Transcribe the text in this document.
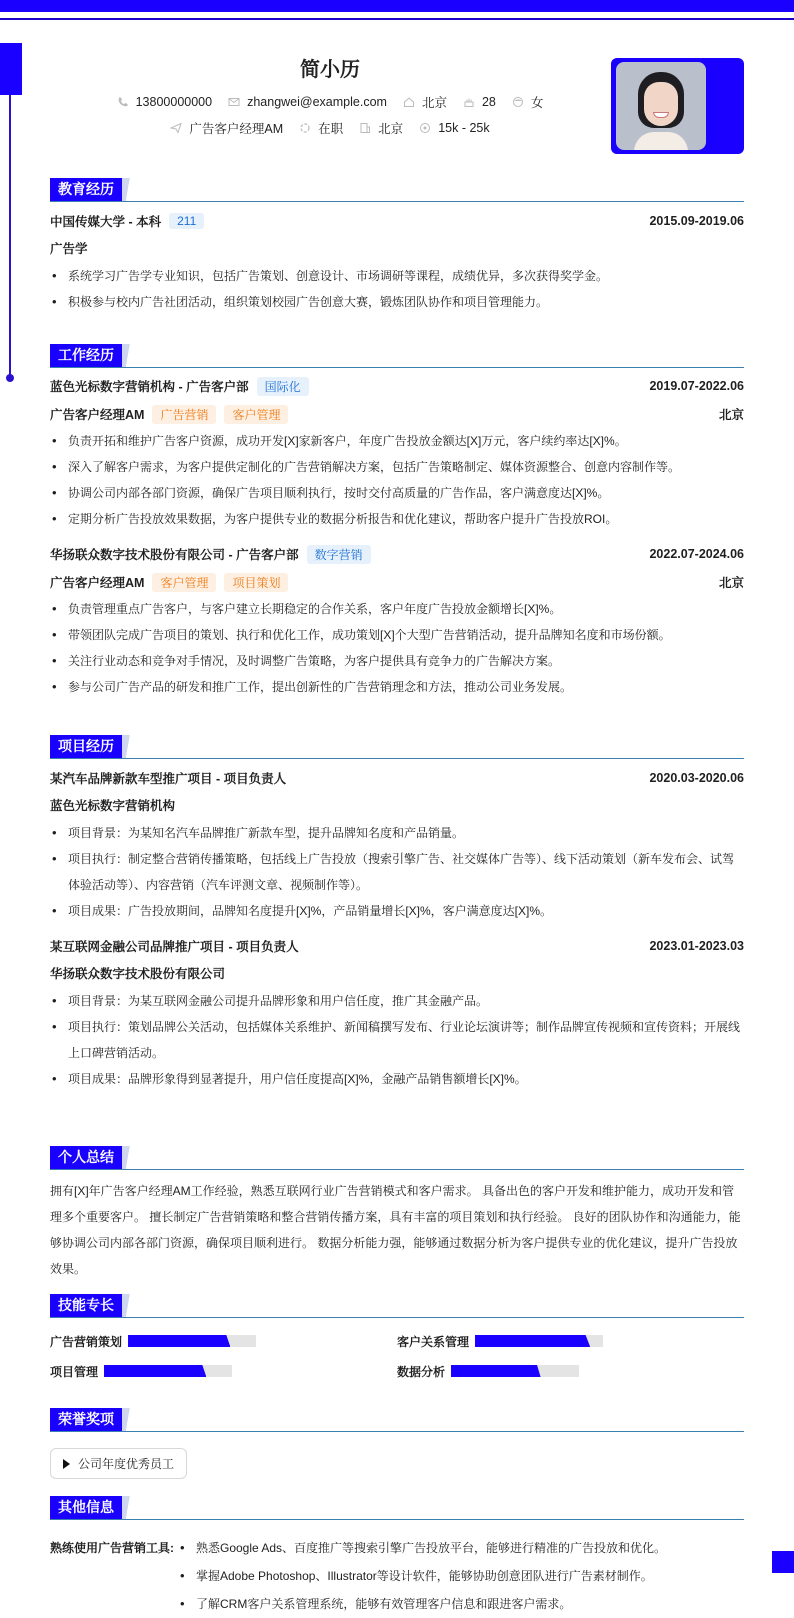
简小历
13800000000	zhangwei@example.com	北京	28	女
广告客户经理AM	在职	北京	15k - 25k
教育经历
中国传媒大学 - 本科	211	2015.09-2019.06
广告学
• 系统学习广告学专业知识，包括广告策划、创意设计、市场调研等课程，成绩优异，多次获得奖学金。
• 积极参与校内广告社团活动，组织策划校园广告创意大赛，锻炼团队协作和项目管理能力。
工作经历
蓝色光标数字营销机构 - 广告客户部	国际化	2019.07-2022.06
广告客户经理AM	广告营销	客户管理	北京
• 负责开拓和维护广告客户资源，成功开发[X]家新客户，年度广告投放金额达[X]万元，客户续约率达[X]%。
• 深入了解客户需求，为客户提供定制化的广告营销解决方案，包括广告策略制定、媒体资源整合、创意内容制作等。
• 协调公司内部各部门资源，确保广告项目顺利执行，按时交付高质量的广告作品，客户满意度达[X]%。
• 定期分析广告投放效果数据，为客户提供专业的数据分析报告和优化建议，帮助客户提升广告投放ROI。
华扬联众数字技术股份有限公司 - 广告客户部	数字营销	2022.07-2024.06
广告客户经理AM	客户管理	项目策划	北京
• 负责管理重点广告客户，与客户建立长期稳定的合作关系，客户年度广告投放金额增长[X]%。
• 带领团队完成广告项目的策划、执行和优化工作，成功策划[X]个大型广告营销活动，提升品牌知名度和市场份额。
• 关注行业动态和竞争对手情况，及时调整广告策略，为客户提供具有竞争力的广告解决方案。
• 参与公司广告产品的研发和推广工作，提出创新性的广告营销理念和方法，推动公司业务发展。
项目经历
某汽车品牌新款车型推广项目 - 项目负责人	2020.03-2020.06
蓝色光标数字营销机构
• 项目背景：为某知名汽车品牌推广新款车型，提升品牌知名度和产品销量。
• 项目执行：制定整合营销传播策略，包括线上广告投放（搜索引擎广告、社交媒体广告等）、线下活动策划（新车发布会、试驾体验活动等）、内容营销（汽车评测文章、视频制作等）。
• 项目成果：广告投放期间，品牌知名度提升[X]%，产品销量增长[X]%，客户满意度达[X]%。
某互联网金融公司品牌推广项目 - 项目负责人	2023.01-2023.03
华扬联众数字技术股份有限公司
• 项目背景：为某互联网金融公司提升品牌形象和用户信任度，推广其金融产品。
• 项目执行：策划品牌公关活动，包括媒体关系维护、新闻稿撰写发布、行业论坛演讲等；制作品牌宣传视频和宣传资料；开展线上口碑营销活动。
• 项目成果：品牌形象得到显著提升，用户信任度提高[X]%，金融产品销售额增长[X]%。
个人总结
拥有[X]年广告客户经理AM工作经验，熟悉互联网行业广告营销模式和客户需求。 具备出色的客户开发和维护能力，成功开发和管理多个重要客户。 擅长制定广告营销策略和整合营销传播方案，具有丰富的项目策划和执行经验。 良好的团队协作和沟通能力，能够协调公司内部各部门资源，确保项目顺利进行。 数据分析能力强，能够通过数据分析为客户提供专业的优化建议，提升广告投放效果。
技能专长
广告营销策划	客户关系管理
项目管理	数据分析
荣誉奖项
公司年度优秀员工
其他信息
熟练使用广告营销工具:	• 熟悉Google Ads、百度推广等搜索引擎广告投放平台，能够进行精准的广告投放和优化。
• 掌握Adobe Photoshop、Illustrator等设计软件，能够协助创意团队进行广告素材制作。
• 了解CRM客户关系管理系统，能够有效管理客户信息和跟进客户需求。
